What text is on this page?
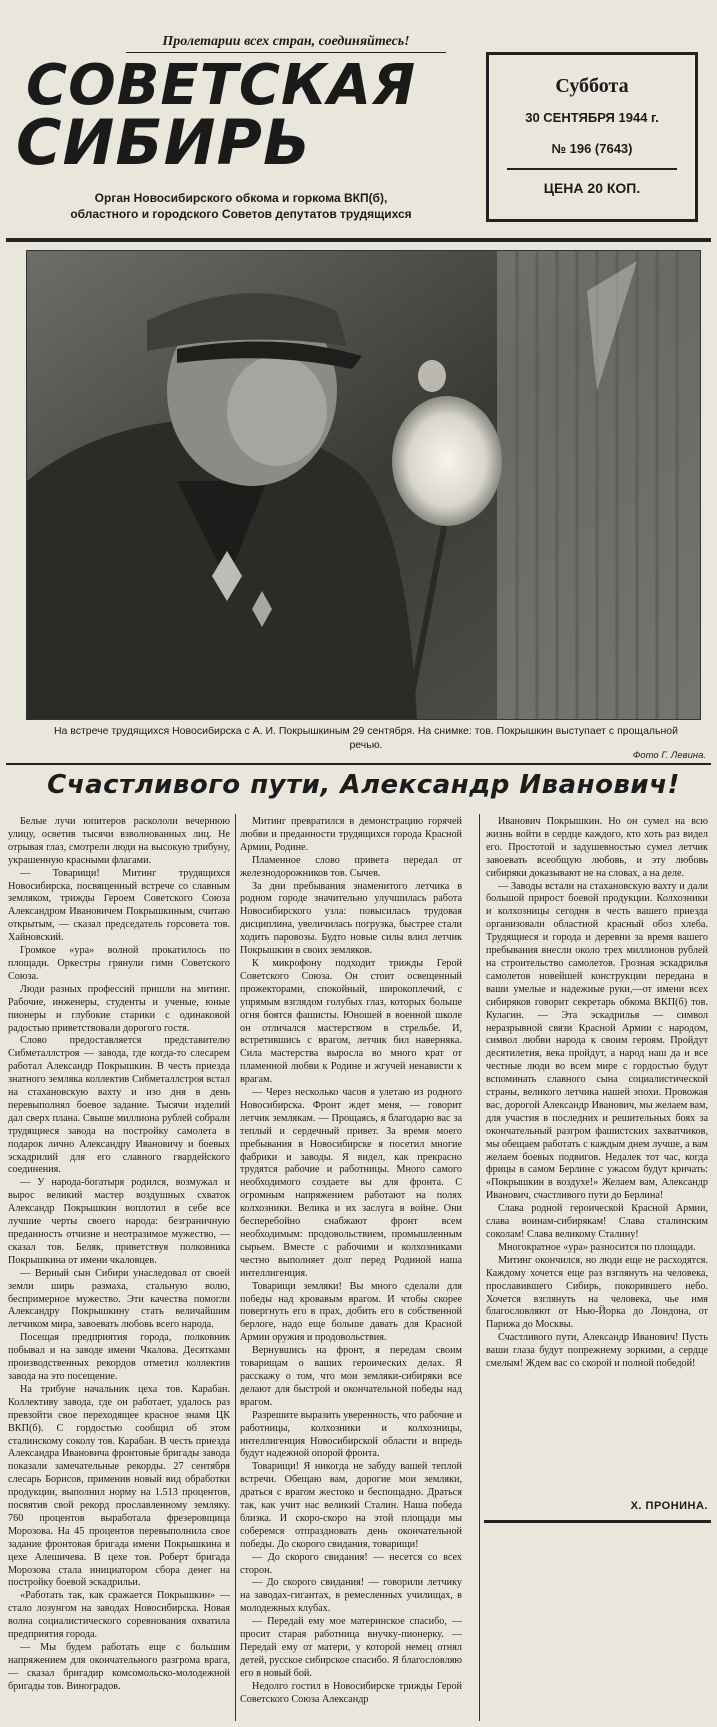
Пролетарии всех стран, соединяйтесь!
СОВЕТСКАЯ
СИБИРЬ
Орган Новосибирского обкома и горкома ВКП(б),
областного и городского Советов депутатов трудящихся
Суббота
30 СЕНТЯБРЯ 1944 г.
№ 196 (7643)
ЦЕНА 20 КОП.
На встрече трудящихся Новосибирска с А. И. Покрышкиным 29 сентября. На снимке: тов. Покрышкин выступает с прощальной речью.
Фото Г. Левина.
Счастливого пути, Александр Иванович!

Белые лучи юпитеров раскололи вечернюю улицу, осветив тысячи взволнованных лиц. Не отрывая глаз, смотрели люди на высокую трибуну, украшенную красными флагами.

— Товарищи! Митинг трудящихся Новосибирска, посвященный встрече со славным земляком, трижды Героем Советского Союза Александром Ивановичем Покрышкиным, считаю открытым, — сказал председатель горсовета тов. Хайновский.

Громкое «ура» волной прокатилось по площади. Оркестры грянули гимн Советского Союза.

Люди разных профессий пришли на митинг. Рабочие, инженеры, студенты и ученые, юные пионеры и глубокие старики с одинаковой радостью приветствовали дорогого гостя.

Слово предоставляется представителю Сибметаллстроя — завода, где когда-то слесарем работал Александр Покрышкин. В честь приезда знатного земляка коллектив Сибметаллстроя встал на стахановскую вахту и изо дня в день перевыполнял боевое задание. Тысячи изделий дал сверх плана. Свыше миллиона рублей собрали трудящиеся завода на постройку самолета в подарок лично Александру Ивановичу и боевых эскадрилий для его славного гвардейского соединения.

— У народа-богатыря родился, возмужал и вырос великий мастер воздушных схваток Александр Покрышкин воплотил в себе все лучшие черты своего народа: безграничную преданность отчизне и неотразимое мужество, — сказал тов. Беляк, приветствуя полковника Покрышкина от имени чкаловцев.

— Верный сын Сибири унаследовал от своей земли ширь размаха, стальную волю, беспримерное мужество. Эти качества помогли Александру Покрышкину стать величайшим летчиком мира, завоевать любовь всего народа.

Посещая предприятия города, полковник побывал и на заводе имени Чкалова. Десятками производственных рекордов отметил коллектив завода на это посещение.

На трибуне начальник цеха тов. Карабан. Коллективу завода, где он работает, удалось раз превзойти свое переходящее красное знамя ЦК ВКП(б). С гордостью сообщил об этом сталинскому соколу тов. Карабан. В честь приезда Александра Ивановича фронтовые бригады завода показали замечательные рекорды. 27 сентября слесарь Борисов, применив новый вид обработки продукции, выполнил норму на 1.513 процентов, посвятив свой рекорд прославленному земляку. 760 процентов выработала фрезеровщица Морозова. На 45 процентов перевыполнила свое задание фронтовая бригада имени Покрышкина в цехе Алешичева. В цехе тов. Роберт бригада Морозова стала инициатором сбора денег на постройку боевой эскадрильи.

«Работать так, как сражается Покрышкин» — стало лозунгом на заводах Новосибирска. Новая волна социалистического соревнования охватила предприятия города.

— Мы будем работать еще с большим напряжением для окончательного разгрома врага, — сказал бригадир комсомольско-молодежной бригады тов. Виноградов.

Митинг превратился в демонстрацию горячей любви и преданности трудящихся города Красной Армии, Родине.

Пламенное слово привета передал от железнодорожников тов. Сычев.

За дни пребывания знаменитого летчика в родном городе значительно улучшилась работа Новосибирского узла: повысилась трудовая дисциплина, увеличилась погрузка, быстрее стали ходить паровозы. Будто новые силы влил летчик Покрышкин в своих земляков.

К микрофону подходит трижды Герой Советского Союза. Он стоит освещенный прожекторами, спокойный, широкоплечий, с упрямым взглядом голубых глаз, которых больше огня боятся фашисты. Юношей в военной школе он отличался мастерством в стрельбе. И, встретившись с врагом, летчик бил наверняка. Сила мастерства выросла во много крат от пламенной любви к Родине и жгучей ненависти к врагам.

— Через несколько часов я улетаю из родного Новосибирска. Фронт ждет меня, — говорит летчик землякам. — Прощаясь, я благодарю вас за теплый и сердечный привет. За время моего пребывания в Новосибирске я посетил многие фабрики и заводы. Я видел, как прекрасно трудятся рабочие и работницы. Много самого необходимого создаете вы для фронта. С огромным напряжением работают на полях колхозники. Велика и их заслуга в войне. Они бесперебойно снабжают фронт всем необходимым: продовольствием, промышленным сырьем. Вместе с рабочими и колхозниками честно выполняет долг перед Родиной наша интеллигенция.

Товарищи земляки! Вы много сделали для победы над кровавым врагом. И чтобы скорее повергнуть его в прах, добить его в собственной берлоге, надо еще больше давать для Красной Армии оружия и продовольствия.

Вернувшись на фронт, я передам своим товарищам о ваших героических делах. Я расскажу о том, что мои земляки-сибиряки все делают для быстрой и окончательной победы над врагом.

Разрешите выразить уверенность, что рабочие и работницы, колхозники и колхозницы, интеллигенция Новосибирской области и впредь будут надежной опорой фронта.

Товарищи! Я никогда не забуду вашей теплой встречи. Обещаю вам, дорогие мои земляки, драться с врагом жестоко и беспощадно. Драться так, как учит нас великий Сталин. Наша победа близка. И скоро-скоро на этой площади мы соберемся отпраздновать день окончательной победы. До скорого свидания, товарищи!

— До скорого свидания! — несется со всех сторон.

— До скорого свидания! — говорили летчику на заводах-гигантах, в ремесленных училищах, в молодежных клубах.

— Передай ему мое материнское спасибо, — просит старая работница внучку-пионерку. — Передай ему от матери, у которой немец отнял детей, русское сибирское спасибо. Я благословляю его в новый бой.

Недолго гостил в Новосибирске трижды Герой Советского Союза Александр

Иванович Покрышкин. Но он сумел на всю жизнь войти в сердце каждого, кто хоть раз видел его. Простотой и задушевностью сумел летчик завоевать всеобщую любовь, и эту любовь сибиряки доказывают не на словах, а на деле.

— Заводы встали на стахановскую вахту и дали большой прирост боевой продукции. Колхозники и колхозницы сегодня в честь вашего приезда организовали областной красный обоз хлеба. Трудящиеся и города и деревни за время вашего пребывания внесли около трех миллионов рублей на строительство самолетов. Грозная эскадрилья самолетов новейшей конструкции передана в ваши умелые и надежные руки,—от имени всех сибиряков говорит секретарь обкома ВКП(б) тов. Кулагин. — Эта эскадрилья — символ неразрывной связи Красной Армии с народом, символ любви народа к своим героям. Пройдут десятилетия, века пройдут, а народ наш да и все честные люди во всем мире с гордостью будут вспоминать славного сына социалистической страны, великого летчика нашей эпохи. Провожая вас, дорогой Александр Иванович, мы желаем вам, для участия в последних и решительных боях за окончательный разгром фашистских захватчиков, мы обещаем работать с каждым днем лучше, а вам желаем боевых подвигов. Недалек тот час, когда фрицы в самом Берлине с ужасом будут кричать: «Покрышкин в воздухе!» Желаем вам, Александр Иванович, счастливого пути до Берлина!

Слава родной героической Красной Армии, слава воинам-сибирякам! Слава сталинским соколам! Слава великому Сталину!

Многократное «ура» разносится по площади.

Митинг окончился, но люди еще не расходятся. Каждому хочется еще раз взглянуть на человека, прославившего Сибирь, покорившего небо. Хочется взглянуть на человека, чье имя благословляют от Нью-Йорка до Лондона, от Парижа до Москвы.

Счастливого пути, Александр Иванович! Пусть ваши глаза будут попрежнему зоркими, а сердце смелым! Ждем вас со скорой и полной победой!

Х. ПРОНИНА.
